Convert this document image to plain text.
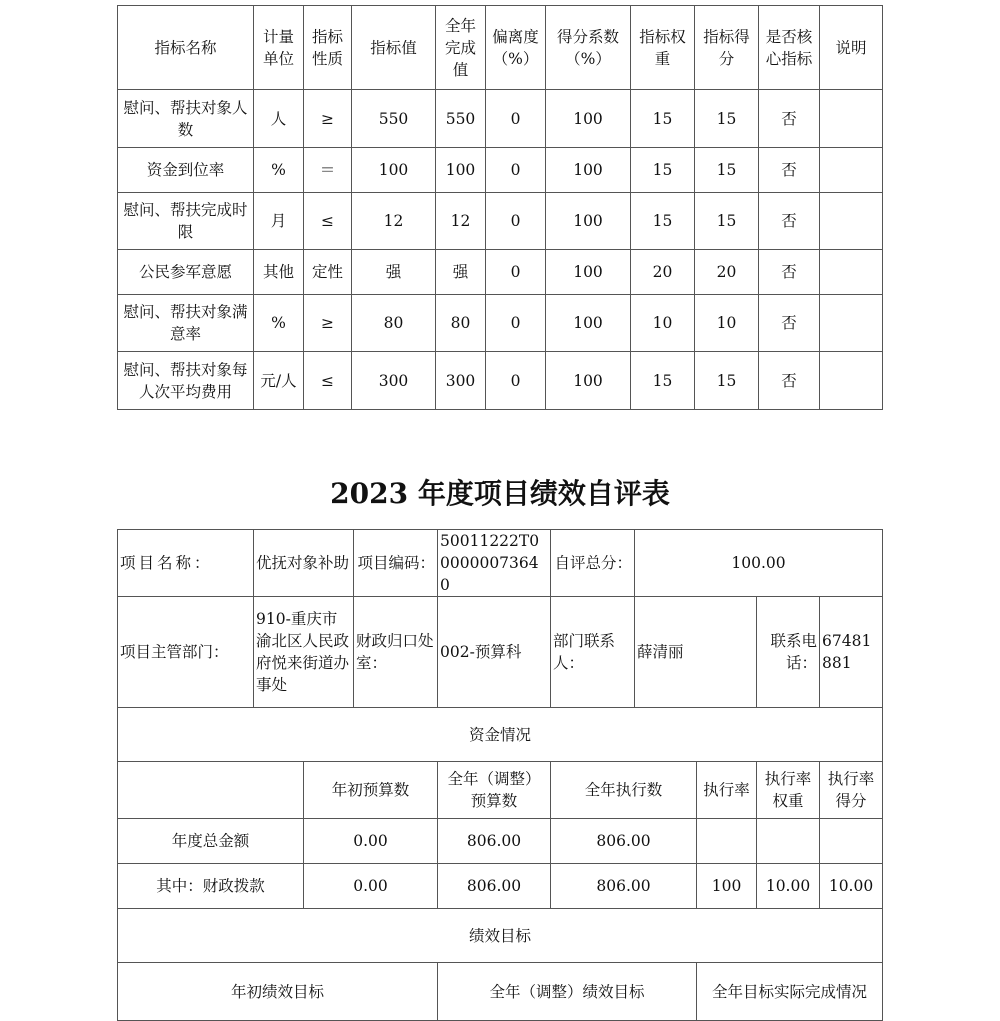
指标名称	计量单位	指标性质	指标值	全年完成值	偏离度（%）	得分系数（%）	指标权重	指标得分	是否核心指标	说明
慰问、帮扶对象人数	人	≥	550	550	0	100	15	15	否	
资金到位率	%	＝	100	100	0	100	15	15	否	
慰问、帮扶完成时限	月	≤	12	12	0	100	15	15	否	
公民参军意愿	其他	定性	强	强	0	100	20	20	否	
慰问、帮扶对象满意率	%	≥	80	80	0	100	10	10	否	
慰问、帮扶对象每人次平均费用	元/人	≤	300	300	0	100	15	15	否	
2023 年度项目绩效自评表
项目名称：	优抚对象补助		项目编码：	50011222T000000073640	自评总分：	100.00			
项目主管部门：	910-重庆市渝北区人民政府悦来街道办事处		财政归口处室：	002-预算科	部门联系人：	薛清丽		联系电话：	67481881
资金情况									
		年初预算数		全年（调整）预算数	全年执行数		执行率	执行率权重	执行率得分
年度总金额		0.00		806.00	806.00				
其中：财政拨款		0.00		806.00	806.00		100	10.00	10.00
绩效目标									
年初绩效目标				全年（调整）绩效目标			全年目标实际完成情况		
